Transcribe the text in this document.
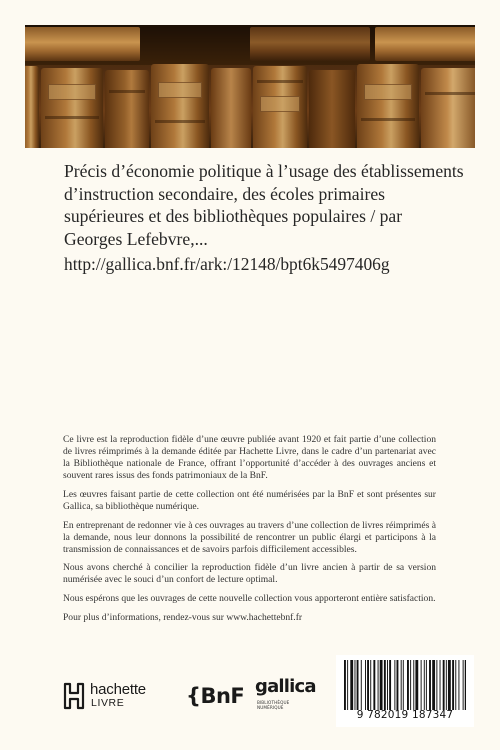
Précis d’économie politique à l’usage des établissements d’instruction secondaire, des écoles primaires supérieures et des bibliothèques populaires / par Georges Lefebvre,...
http://gallica.bnf.fr/ark:/12148/bpt6k5497406g

Ce livre est la reproduction fidèle d’une œuvre publiée avant 1920 et fait partie d’une collection de livres réimprimés à la demande éditée par Hachette Livre, dans le cadre d’un partenariat avec la Bibliothèque nationale de France, offrant l’opportunité d’accéder à des ouvrages anciens et souvent rares issus des fonds patrimoniaux de la BnF.

Les œuvres faisant partie de cette collection ont été numérisées par la BnF et sont présentes sur Gallica, sa bibliothèque numérique.

En entreprenant de redonner vie à ces ouvrages au travers d’une collection de livres réimprimés à la demande, nous leur donnons la possibilité de rencontrer un public élargi et participons à la transmission de connaissances et de savoirs parfois difficilement accessibles.

Nous avons cherché à concilier la reproduction fidèle d’un livre ancien à partir de sa version numérisée avec le souci d’un confort de lecture optimal.

Nous espérons que les ouvrages de cette nouvelle collection vous apporteront entière satisfaction.

Pour plus d’informations, rendez-vous sur www.hachettebnf.fr

hachette
LIVRE	{BnF gallica
BIBLIOTHÈQUE NUMÉRIQUE
9 782019 187347
